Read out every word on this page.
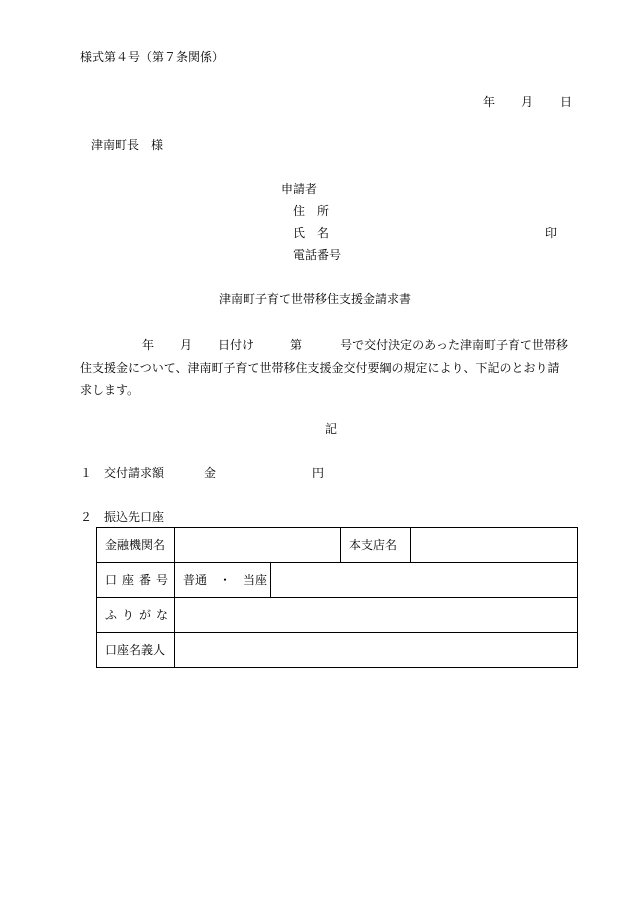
様式第４号（第７条関係）
年 月 日
津南町長　様
申請者
住　所
氏　名	印
電話番号
津南町子育て世帯移住支援金請求書
年 月 日付け	第	号で交付決定のあった津南町子育て世帯移
住支援金について、津南町子育て世帯移住支援金交付要綱の規定により、下記のとおり請
求します。
記
１ 交付請求額	金	円
２ 振込先口座
金融機関名			本支店名	
口座番号	普通　・　当座			
ふりがな				
口座名義人				
